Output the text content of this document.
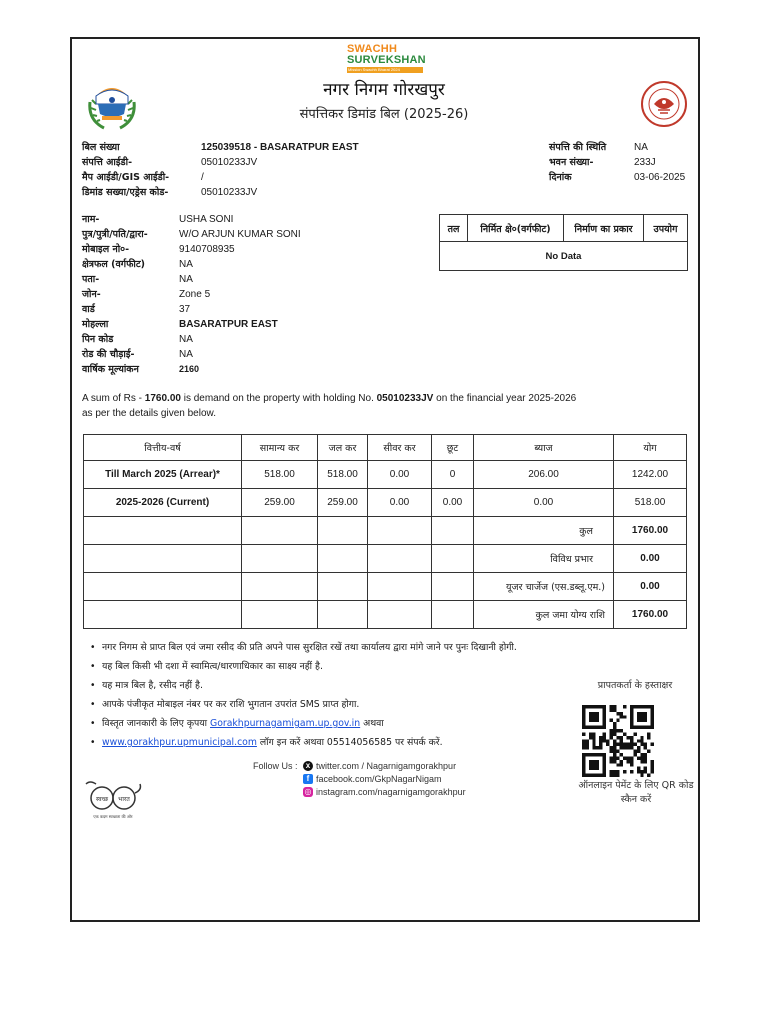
SWACHH
SURVEKSHAN
Mission Swachh Bharat 2024
नगर निगम गोरखपुर
संपत्तिकर डिमांड बिल (2025-26)
बिल संख्या	125039518 - BASARATPUR EAST
संपत्ति आईडी-	05010233JV
मैप आईडी/GIS आईडी-	/
डिमांड सख्या/एड्रेस कोड-	05010233JV
संपत्ति की स्थिति	NA
भवन संख्या-	233J
दिनांक	03-06-2025
नाम-	USHA SONI
पुत्र/पुत्री/पति/द्वारा-	W/O ARJUN KUMAR SONI
मोबाइल नो०-	9140708935
क्षेत्रफल (वर्गफीट)	NA
पता-	NA
जोन-	Zone 5
वार्ड	37
मोहल्ला	BASARATPUR EAST
पिन कोड	NA
रोड की चौड़ाई-	NA
वार्षिक मूल्यांकन	2160
तल	निर्मित क्षे०(वर्गफीट)	निर्माण का प्रकार	उपयोग
No Data
A sum of Rs - 1760.00 is demand on the property with holding No. 05010233JV on the financial year 2025-2026
as per the details given below.
वित्तीय-वर्ष	सामान्य कर	जल कर	सीवर कर	छूट	ब्याज	योग
Till March 2025 (Arrear)*	518.00	518.00	0.00	0	206.00	1242.00
2025-2026 (Current)	259.00	259.00	0.00	0.00	0.00	518.00
					कुल	1760.00
					विविध प्रभार	0.00
					यूजर चार्जेज (एस.डब्लू.एम.)	0.00
					कुल जमा योग्य राशि	1760.00
• नगर निगम से प्राप्त बिल एवं जमा रसीद की प्रति अपने पास सुरक्षित रखें तथा कार्यालय द्वारा मांगे जाने पर पुनः दिखानी होगी.
• यह बिल किसी भी दशा में स्वामित्व/धारणाधिकार का साक्ष्य नहीं है.
• यह मात्र बिल है, रसीद नहीं है.
• आपके पंजीकृत मोबाइल नंबर पर कर राशि भुगतान उपरांत SMS प्राप्त होगा.
• विस्तृत जानकारी के लिए कृपया Gorakhpurnagamigam.up.gov.in अथवा
• www.gorakhpur.upmunicipal.com लॉग इन करें अथवा 05514056585 पर संपर्क करें.
प्रापतकर्ता के हस्ताक्षर
ऑनलाइन पेमेंट के लिए QR कोड स्कैन करें
Follow Us :	x twitter.com / Nagarnigamgorakhpur
f facebook.com/GkpNagarNigam
◎ instagram.com/nagarnigamgorakhpur
स्वच्छ भारत
एक कदम स्वच्छता की ओर
